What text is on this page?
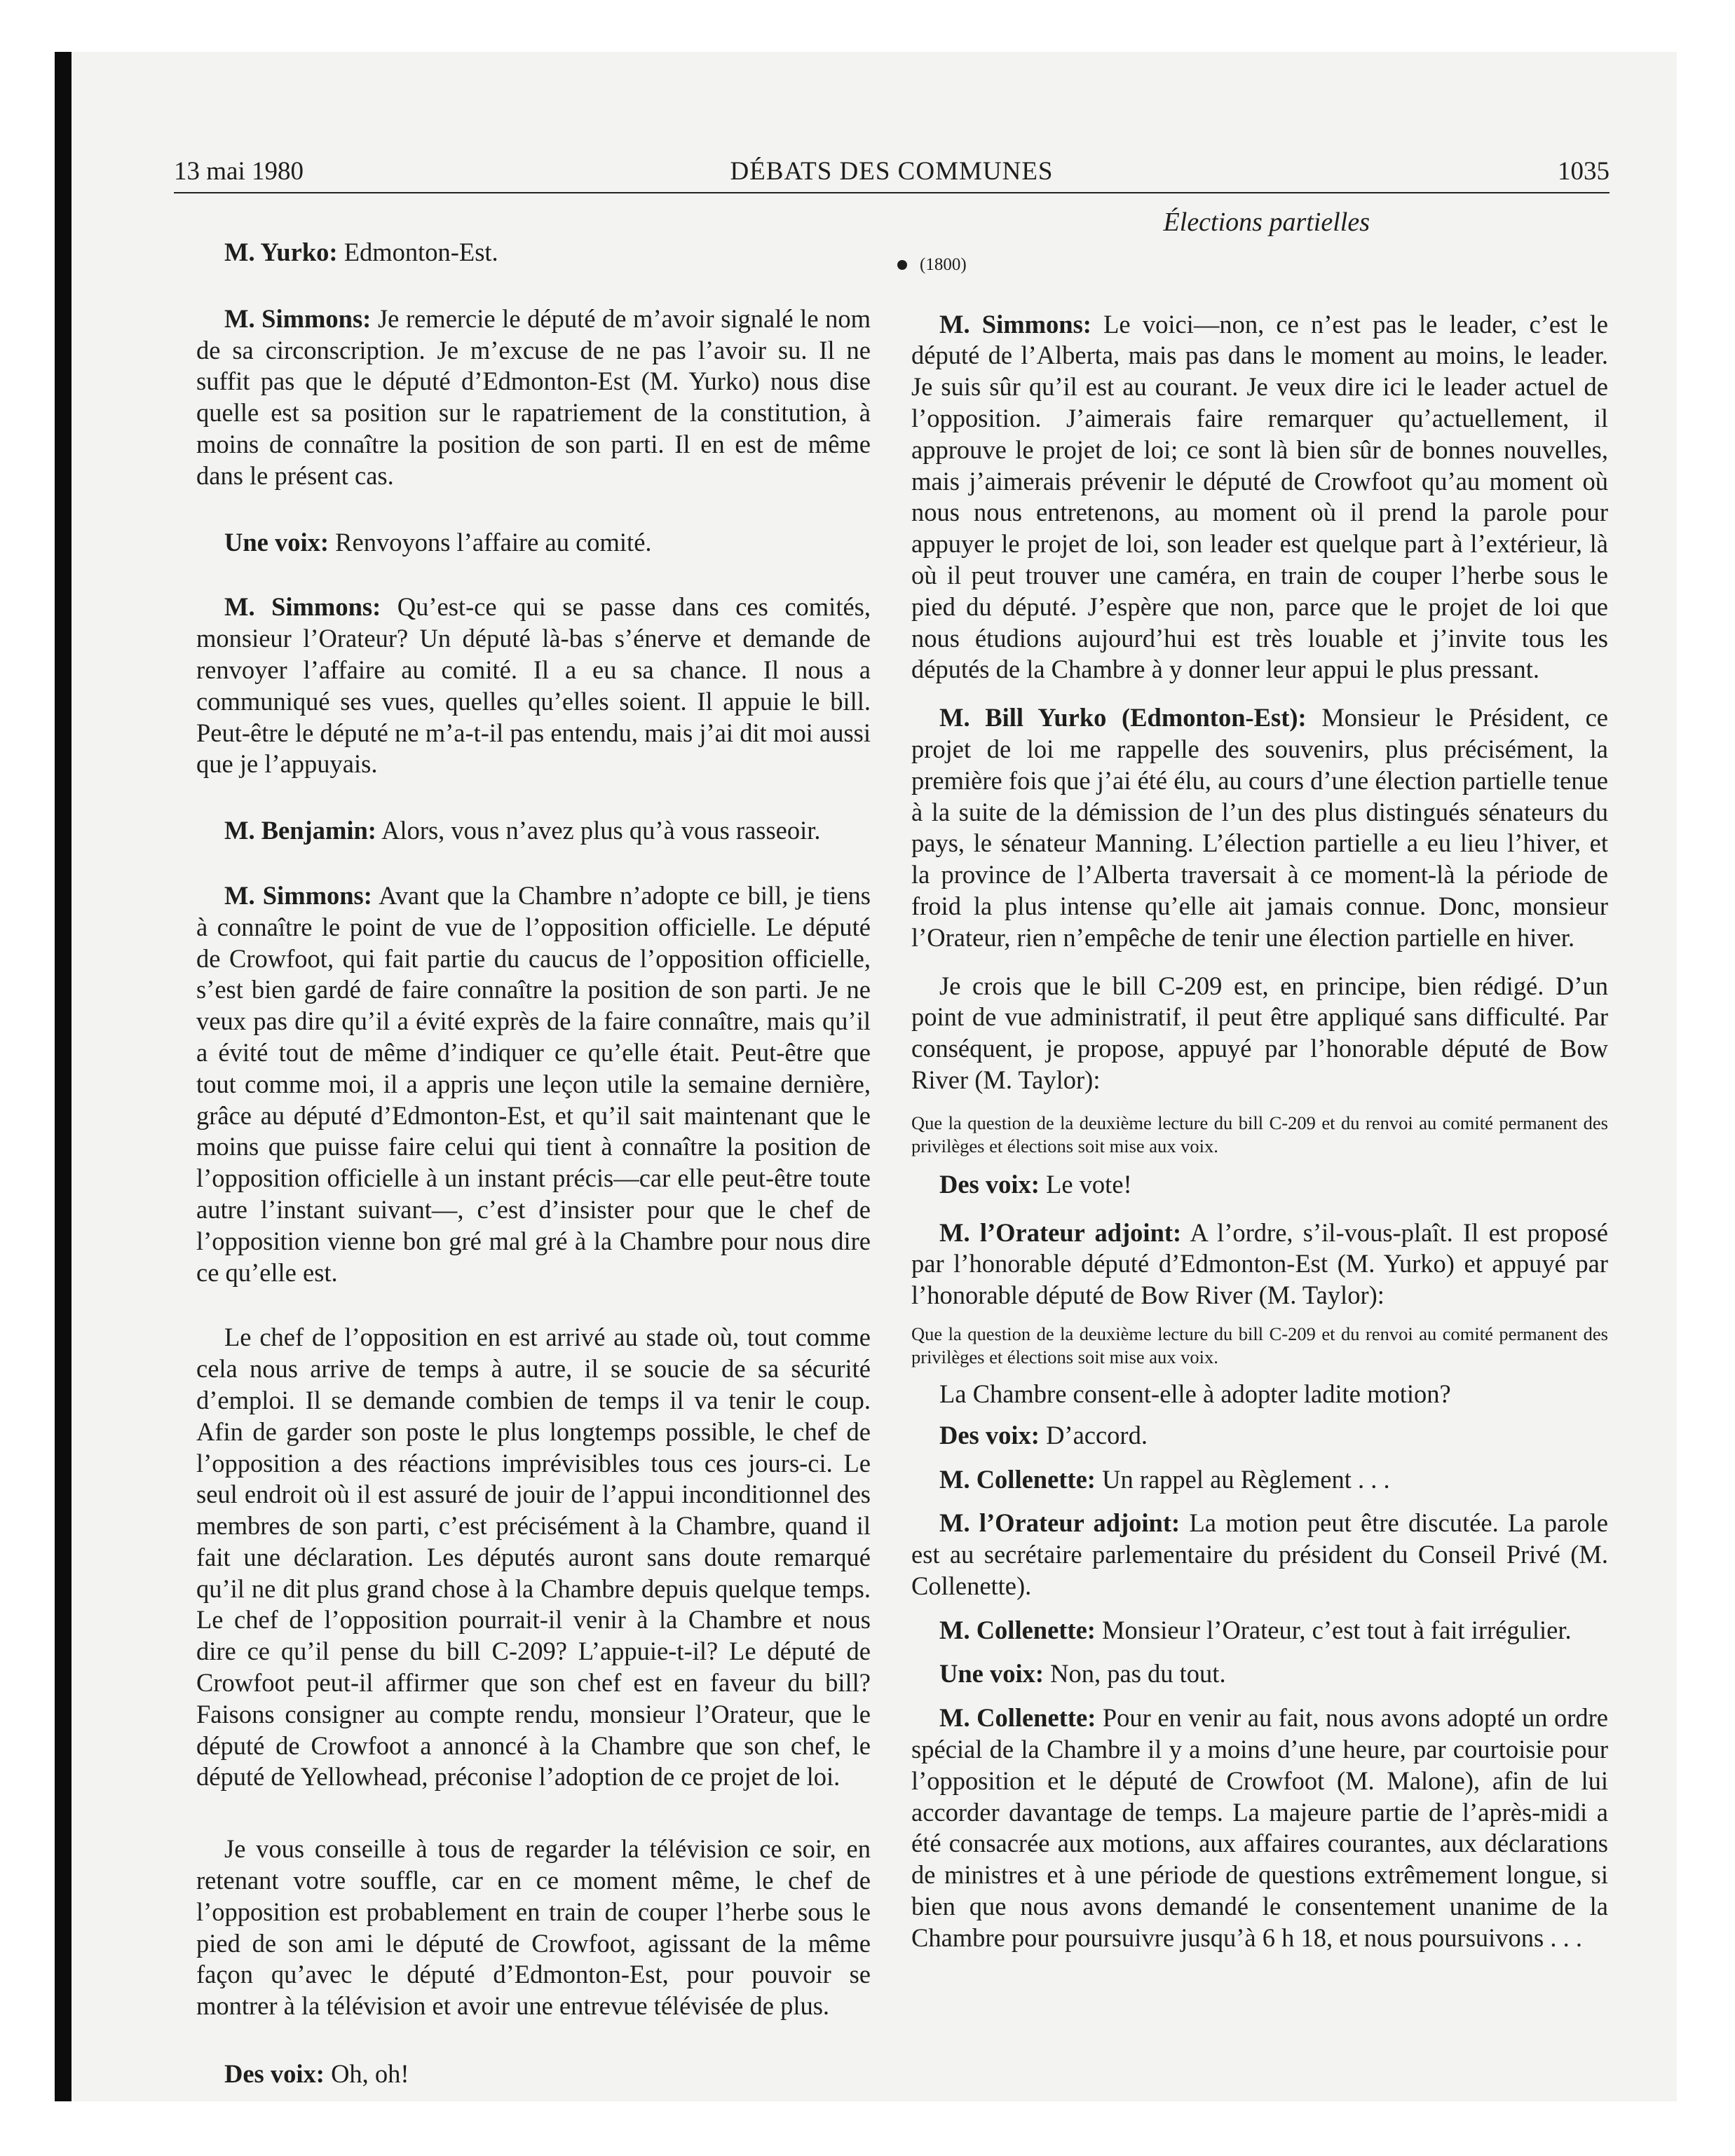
13 mai 1980	DÉBATS DES COMMUNES	1035

M. Yurko: Edmonton-Est.

M. Simmons: Je remercie le député de m’avoir signalé le nom de sa circonscription. Je m’excuse de ne pas l’avoir su. Il ne suffit pas que le député d’Edmonton-Est (M. Yurko) nous dise quelle est sa position sur le rapatriement de la constitution, à moins de connaître la position de son parti. Il en est de même dans le présent cas.

Une voix: Renvoyons l’affaire au comité.

M. Simmons: Qu’est-ce qui se passe dans ces comités, monsieur l’Orateur? Un député là-bas s’énerve et demande de renvoyer l’affaire au comité. Il a eu sa chance. Il nous a communiqué ses vues, quelles qu’elles soient. Il appuie le bill. Peut-être le député ne m’a-t-il pas entendu, mais j’ai dit moi aussi que je l’appuyais.

M. Benjamin: Alors, vous n’avez plus qu’à vous rasseoir.

M. Simmons: Avant que la Chambre n’adopte ce bill, je tiens à connaître le point de vue de l’opposition officielle. Le député de Crowfoot, qui fait partie du caucus de l’opposition officielle, s’est bien gardé de faire connaître la position de son parti. Je ne veux pas dire qu’il a évité exprès de la faire connaître, mais qu’il a évité tout de même d’indiquer ce qu’elle était. Peut-être que tout comme moi, il a appris une leçon utile la semaine dernière, grâce au député d’Edmonton-Est, et qu’il sait maintenant que le moins que puisse faire celui qui tient à connaître la position de l’opposition officielle à un instant précis—car elle peut-être toute autre l’instant suivant—, c’est d’insister pour que le chef de l’opposition vienne bon gré mal gré à la Chambre pour nous dire ce qu’elle est.

Le chef de l’opposition en est arrivé au stade où, tout comme cela nous arrive de temps à autre, il se soucie de sa sécurité d’emploi. Il se demande combien de temps il va tenir le coup. Afin de garder son poste le plus longtemps possible, le chef de l’opposition a des réactions imprévisibles tous ces jours-ci. Le seul endroit où il est assuré de jouir de l’appui inconditionnel des membres de son parti, c’est précisément à la Chambre, quand il fait une déclaration. Les députés auront sans doute remarqué qu’il ne dit plus grand chose à la Chambre depuis quelque temps. Le chef de l’opposition pourrait-il venir à la Chambre et nous dire ce qu’il pense du bill C-209? L’appuie-t-il? Le député de Crowfoot peut-il affirmer que son chef est en faveur du bill? Faisons consigner au compte rendu, monsieur l’Orateur, que le député de Crowfoot a annoncé à la Chambre que son chef, le député de Yellowhead, préconise l’adoption de ce projet de loi.

Je vous conseille à tous de regarder la télévision ce soir, en retenant votre souffle, car en ce moment même, le chef de l’opposition est probablement en train de couper l’herbe sous le pied de son ami le député de Crowfoot, agissant de la même façon qu’avec le député d’Edmonton-Est, pour pouvoir se montrer à la télévision et avoir une entrevue télévisée de plus.

Des voix: Oh, oh!

Élections partielles
(1800)

M. Simmons: Le voici—non, ce n’est pas le leader, c’est le député de l’Alberta, mais pas dans le moment au moins, le leader. Je suis sûr qu’il est au courant. Je veux dire ici le leader actuel de l’opposition. J’aimerais faire remarquer qu’actuellement, il approuve le projet de loi; ce sont là bien sûr de bonnes nouvelles, mais j’aimerais prévenir le député de Crowfoot qu’au moment où nous nous entretenons, au moment où il prend la parole pour appuyer le projet de loi, son leader est quelque part à l’extérieur, là où il peut trouver une caméra, en train de couper l’herbe sous le pied du député. J’espère que non, parce que le projet de loi que nous étudions aujourd’hui est très louable et j’invite tous les députés de la Chambre à y donner leur appui le plus pressant.

M. Bill Yurko (Edmonton-Est): Monsieur le Président, ce projet de loi me rappelle des souvenirs, plus précisément, la première fois que j’ai été élu, au cours d’une élection partielle tenue à la suite de la démission de l’un des plus distingués sénateurs du pays, le sénateur Manning. L’élection partielle a eu lieu l’hiver, et la province de l’Alberta traversait à ce moment-là la période de froid la plus intense qu’elle ait jamais connue. Donc, monsieur l’Orateur, rien n’empêche de tenir une élection partielle en hiver.

Je crois que le bill C-209 est, en principe, bien rédigé. D’un point de vue administratif, il peut être appliqué sans difficulté. Par conséquent, je propose, appuyé par l’honorable député de Bow River (M. Taylor):

Que la question de la deuxième lecture du bill C-209 et du renvoi au comité permanent des privilèges et élections soit mise aux voix.

Des voix: Le vote!

M. l’Orateur adjoint: A l’ordre, s’il-vous-plaît. Il est proposé par l’honorable député d’Edmonton-Est (M. Yurko) et appuyé par l’honorable député de Bow River (M. Taylor):

Que la question de la deuxième lecture du bill C-209 et du renvoi au comité permanent des privilèges et élections soit mise aux voix.

La Chambre consent-elle à adopter ladite motion?

Des voix: D’accord.

M. Collenette: Un rappel au Règlement . . .

M. l’Orateur adjoint: La motion peut être discutée. La parole est au secrétaire parlementaire du président du Conseil Privé (M. Collenette).

M. Collenette: Monsieur l’Orateur, c’est tout à fait irrégulier.

Une voix: Non, pas du tout.

M. Collenette: Pour en venir au fait, nous avons adopté un ordre spécial de la Chambre il y a moins d’une heure, par courtoisie pour l’opposition et le député de Crowfoot (M. Malone), afin de lui accorder davantage de temps. La majeure partie de l’après-midi a été consacrée aux motions, aux affaires courantes, aux déclarations de ministres et à une période de questions extrêmement longue, si bien que nous avons demandé le consentement unanime de la Chambre pour poursuivre jusqu’à 6 h 18, et nous poursuivons . . .
